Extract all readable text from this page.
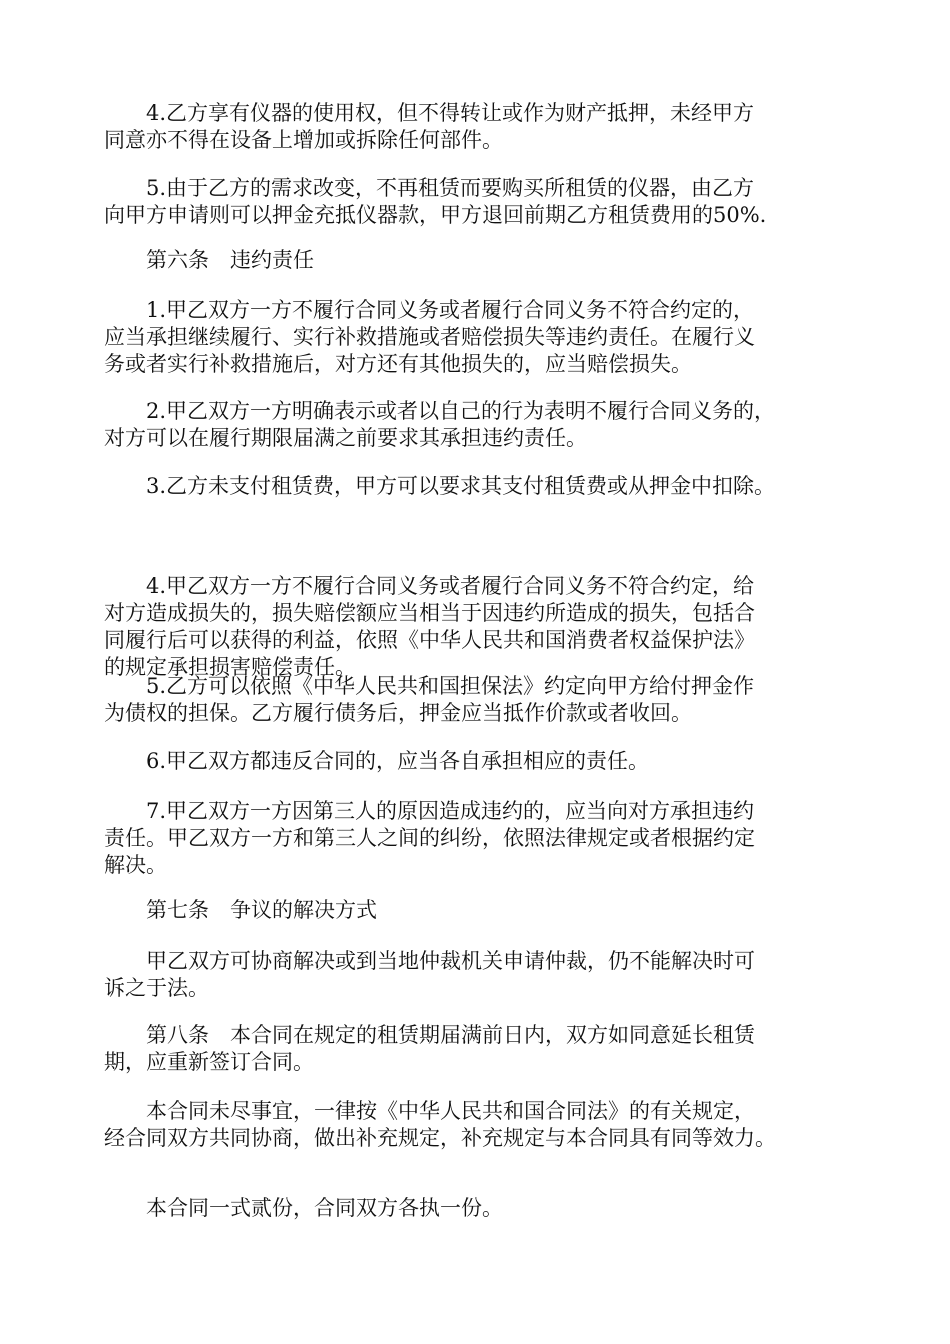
　　4.乙方享有仪器的使用权，但不得转让或作为财产抵押，未经甲方
同意亦不得在设备上增加或拆除任何部件。
　　5.由于乙方的需求改变，不再租赁而要购买所租赁的仪器，由乙方
向甲方申请则可以押金充抵仪器款，甲方退回前期乙方租赁费用的50%.
　　第六条　违约责任
　　1.甲乙双方一方不履行合同义务或者履行合同义务不符合约定的，
应当承担继续履行、实行补救措施或者赔偿损失等违约责任。在履行义
务或者实行补救措施后，对方还有其他损失的，应当赔偿损失。
　　2.甲乙双方一方明确表示或者以自己的行为表明不履行合同义务的，
对方可以在履行期限届满之前要求其承担违约责任。
　　3.乙方未支付租赁费，甲方可以要求其支付租赁费或从押金中扣除。
　　4.甲乙双方一方不履行合同义务或者履行合同义务不符合约定，给
对方造成损失的，损失赔偿额应当相当于因违约所造成的损失，包括合
同履行后可以获得的利益，依照《中华人民共和国消费者权益保护法》
的规定承担损害赔偿责任。
　　5.乙方可以依照《中华人民共和国担保法》约定向甲方给付押金作
为债权的担保。乙方履行债务后，押金应当抵作价款或者收回。
　　6.甲乙双方都违反合同的，应当各自承担相应的责任。
　　7.甲乙双方一方因第三人的原因造成违约的，应当向对方承担违约
责任。甲乙双方一方和第三人之间的纠纷，依照法律规定或者根据约定
解决。
　　第七条　争议的解决方式
　　甲乙双方可协商解决或到当地仲裁机关申请仲裁，仍不能解决时可
诉之于法。
　　第八条　本合同在规定的租赁期届满前日内，双方如同意延长租赁
期，应重新签订合同。
　　本合同未尽事宜，一律按《中华人民共和国合同法》的有关规定，
经合同双方共同协商，做出补充规定，补充规定与本合同具有同等效力。
　　本合同一式贰份，合同双方各执一份。
